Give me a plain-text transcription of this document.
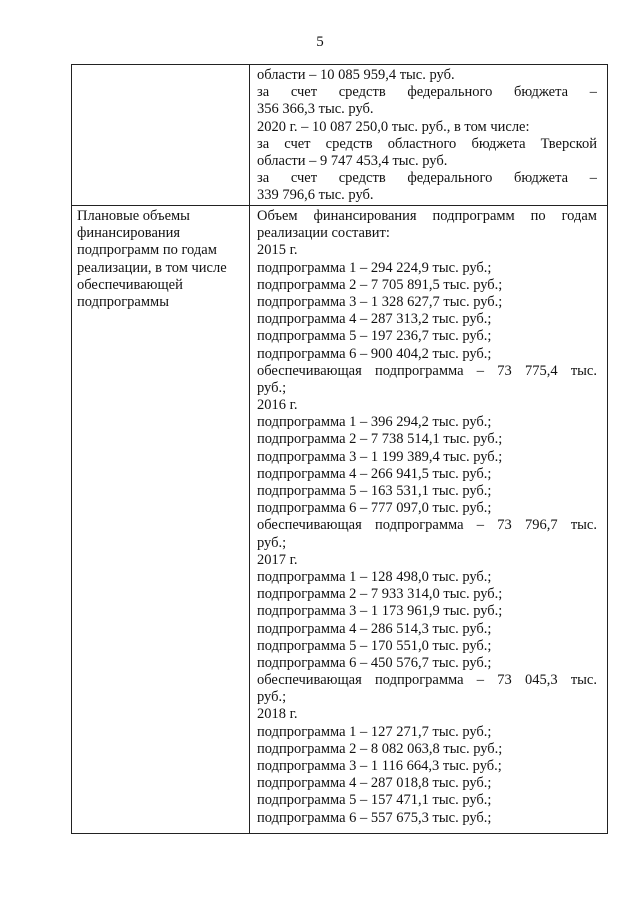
5
области – 10 085 959,4 тыс. руб.
за счет средств федерального бюджета –
356 366,3 тыс. руб.
2020 г. – 10 087 250,0 тыс. руб., в том числе:
за счет средств областного бюджета Тверской
области – 9 747 453,4 тыс. руб.
за счет средств федерального бюджета –
339 796,6 тыс. руб.
Плановые объемы
финансирования
подпрограмм по годам
реализации, в том числе
обеспечивающей
подпрограммы
Объем финансирования подпрограмм по годам
реализации составит:
2015 г.
подпрограмма 1 – 294 224,9 тыс. руб.;
подпрограмма 2 – 7 705 891,5 тыс. руб.;
подпрограмма 3 – 1 328 627,7 тыс. руб.;
подпрограмма 4 – 287 313,2 тыс. руб.;
подпрограмма 5 – 197 236,7 тыс. руб.;
подпрограмма 6 – 900 404,2 тыс. руб.;
обеспечивающая подпрограмма – 73 775,4 тыс.
руб.;
2016 г.
подпрограмма 1 – 396 294,2 тыс. руб.;
подпрограмма 2 – 7 738 514,1 тыс. руб.;
подпрограмма 3 – 1 199 389,4 тыс. руб.;
подпрограмма 4 – 266 941,5 тыс. руб.;
подпрограмма 5 – 163 531,1 тыс. руб.;
подпрограмма 6 – 777 097,0 тыс. руб.;
обеспечивающая подпрограмма – 73 796,7 тыс.
руб.;
2017 г.
подпрограмма 1 – 128 498,0 тыс. руб.;
подпрограмма 2 – 7 933 314,0 тыс. руб.;
подпрограмма 3 – 1 173 961,9 тыс. руб.;
подпрограмма 4 – 286 514,3 тыс. руб.;
подпрограмма 5 – 170 551,0 тыс. руб.;
подпрограмма 6 – 450 576,7 тыс. руб.;
обеспечивающая подпрограмма – 73 045,3 тыс.
руб.;
2018 г.
подпрограмма 1 – 127 271,7 тыс. руб.;
подпрограмма 2 – 8 082 063,8 тыс. руб.;
подпрограмма 3 – 1 116 664,3 тыс. руб.;
подпрограмма 4 – 287 018,8 тыс. руб.;
подпрограмма 5 – 157 471,1 тыс. руб.;
подпрограмма 6 – 557 675,3 тыс. руб.;
